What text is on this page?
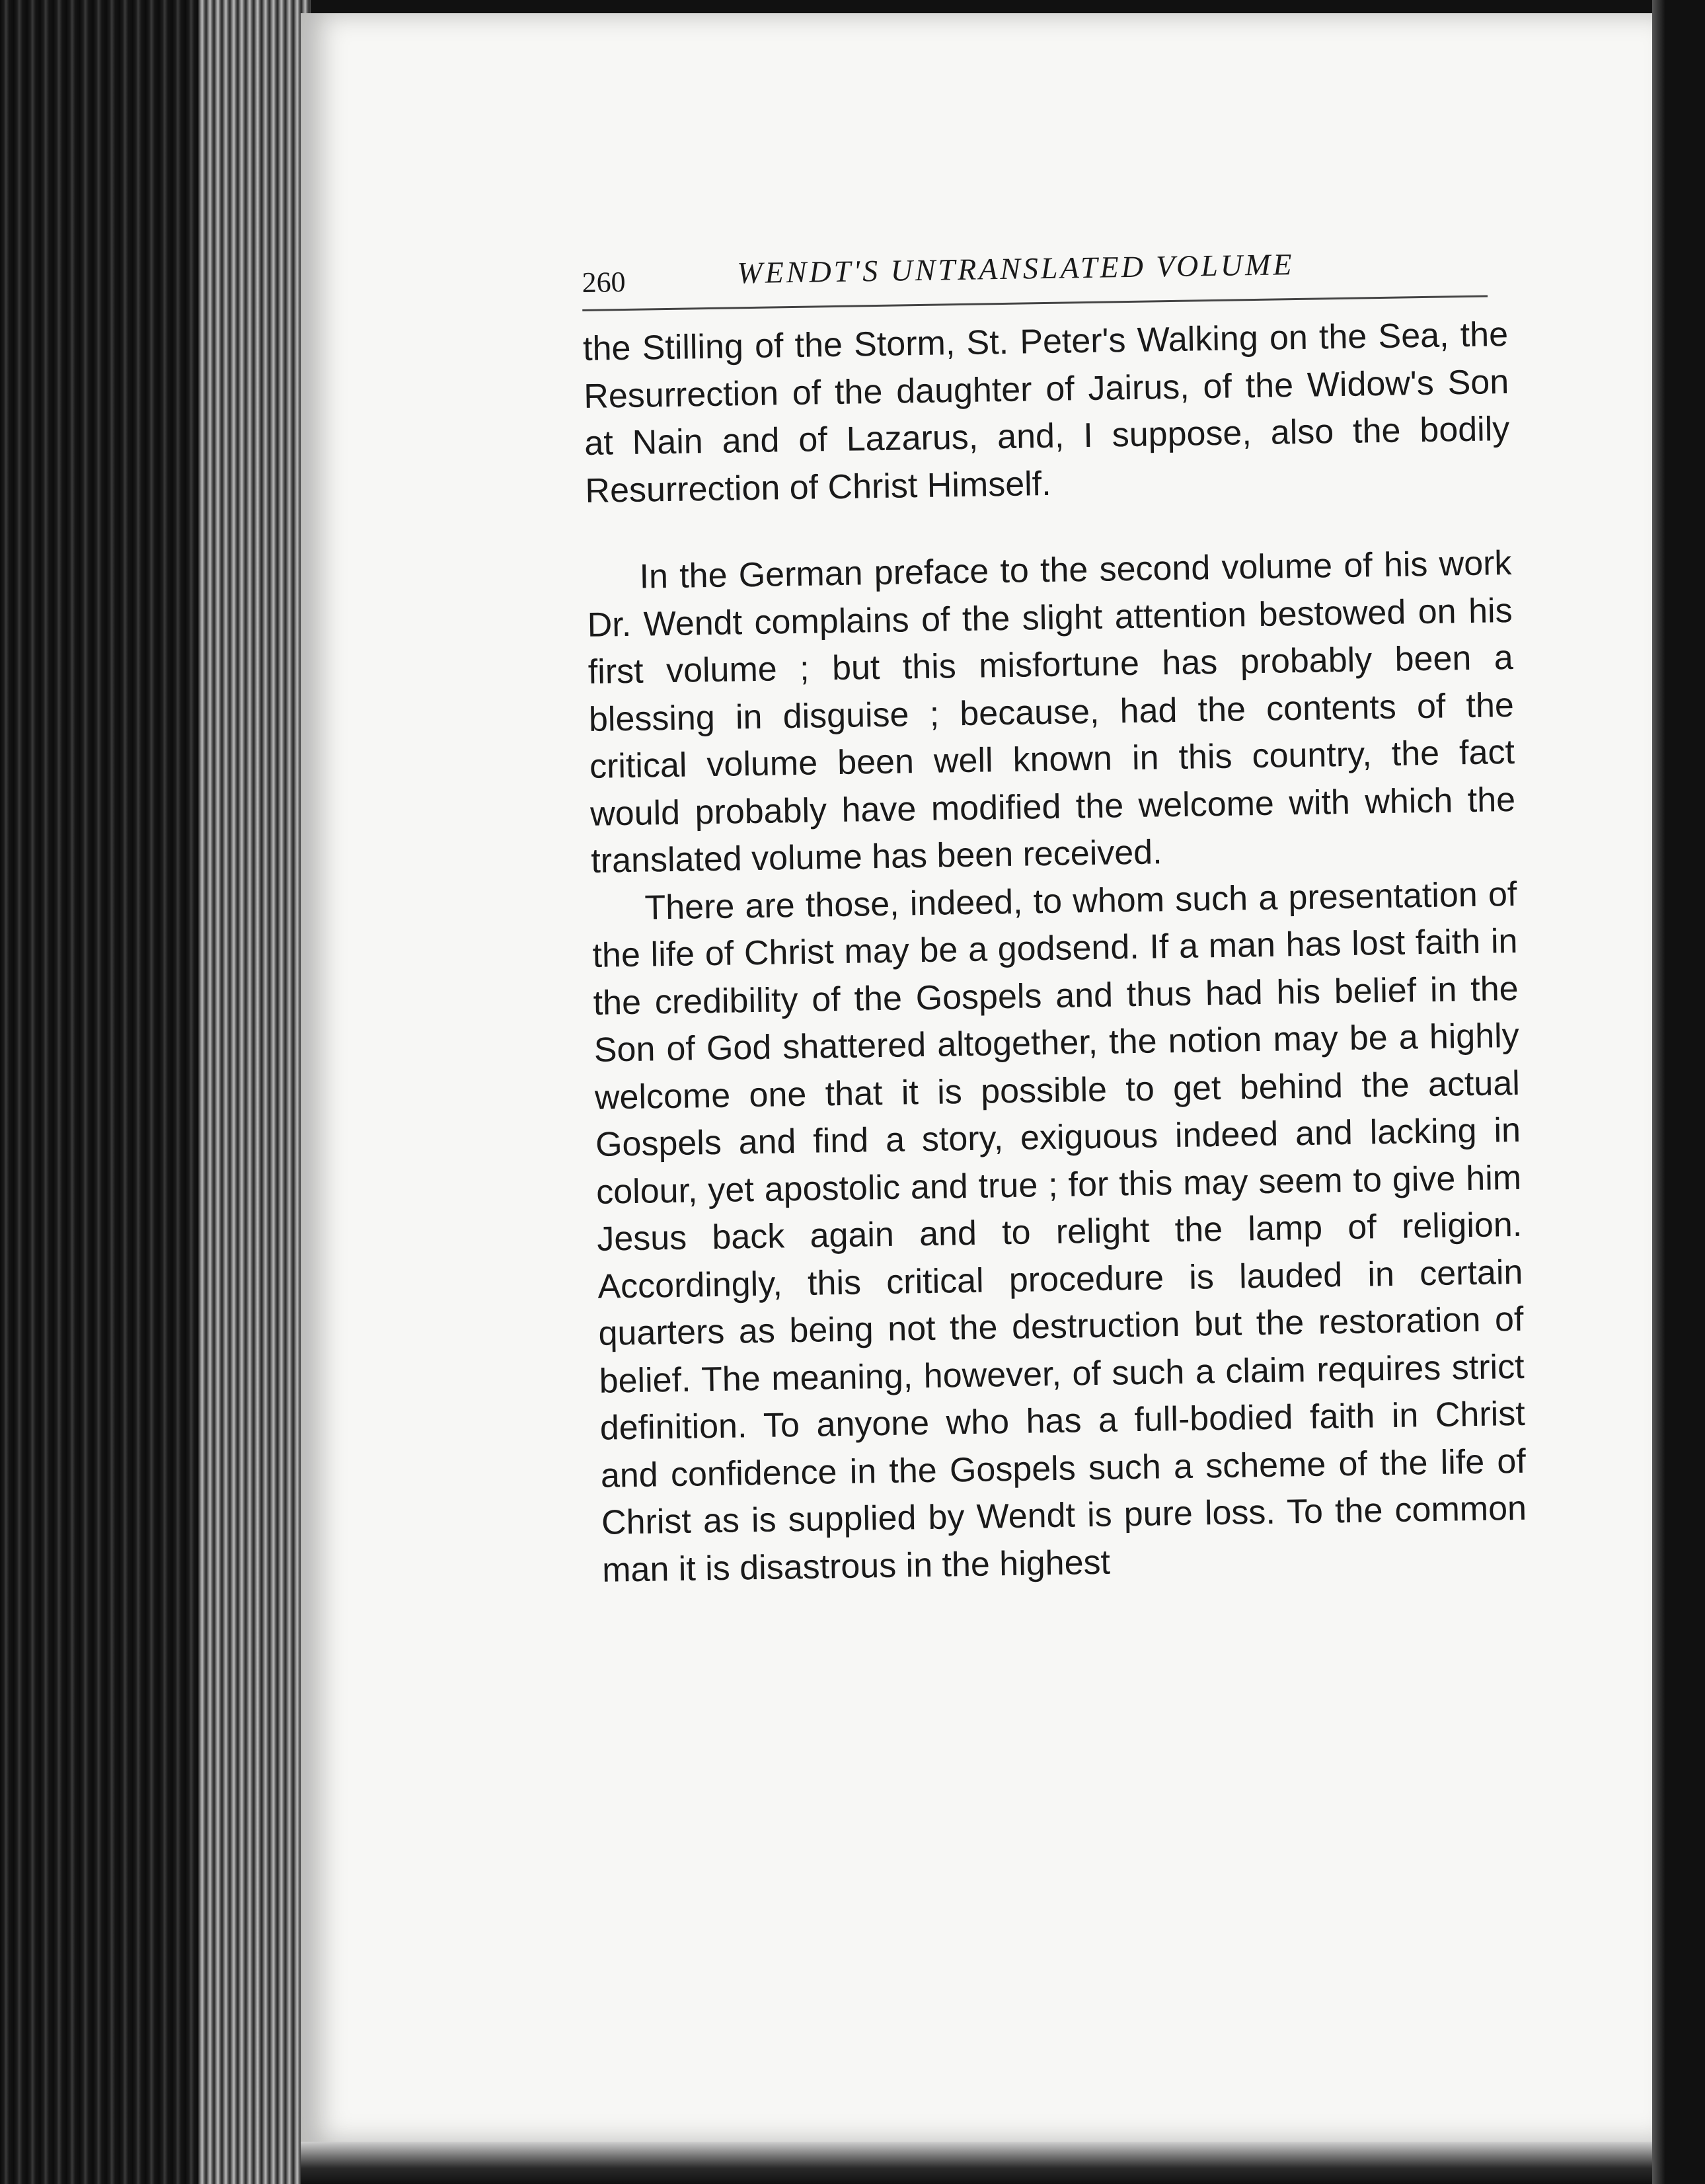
260	WENDT'S UNTRANSLATED VOLUME

the Stilling of the Storm, St. Peter's Walking on the Sea, the Resurrection of the daughter of Jairus, of the Widow's Son at Nain and of Lazarus, and, I suppose, also the bodily Resurrection of Christ Himself.

In the German preface to the second volume of his work Dr. Wendt complains of the slight attention bestowed on his first volume ; but this misfortune has probably been a blessing in disguise ; because, had the contents of the critical volume been well known in this country, the fact would probably have modified the welcome with which the translated volume has been received.

There are those, indeed, to whom such a presentation of the life of Christ may be a godsend. If a man has lost faith in the credibility of the Gospels and thus had his belief in the Son of God shattered altogether, the notion may be a highly welcome one that it is possible to get behind the actual Gospels and find a story, exiguous indeed and lacking in colour, yet apostolic and true ; for this may seem to give him Jesus back again and to relight the lamp of religion. Accordingly, this critical procedure is lauded in certain quarters as being not the destruction but the restoration of belief. The meaning, however, of such a claim requires strict definition. To anyone who has a full-bodied faith in Christ and confidence in the Gospels such a scheme of the life of Christ as is supplied by Wendt is pure loss. To the common man it is disastrous in the highest
